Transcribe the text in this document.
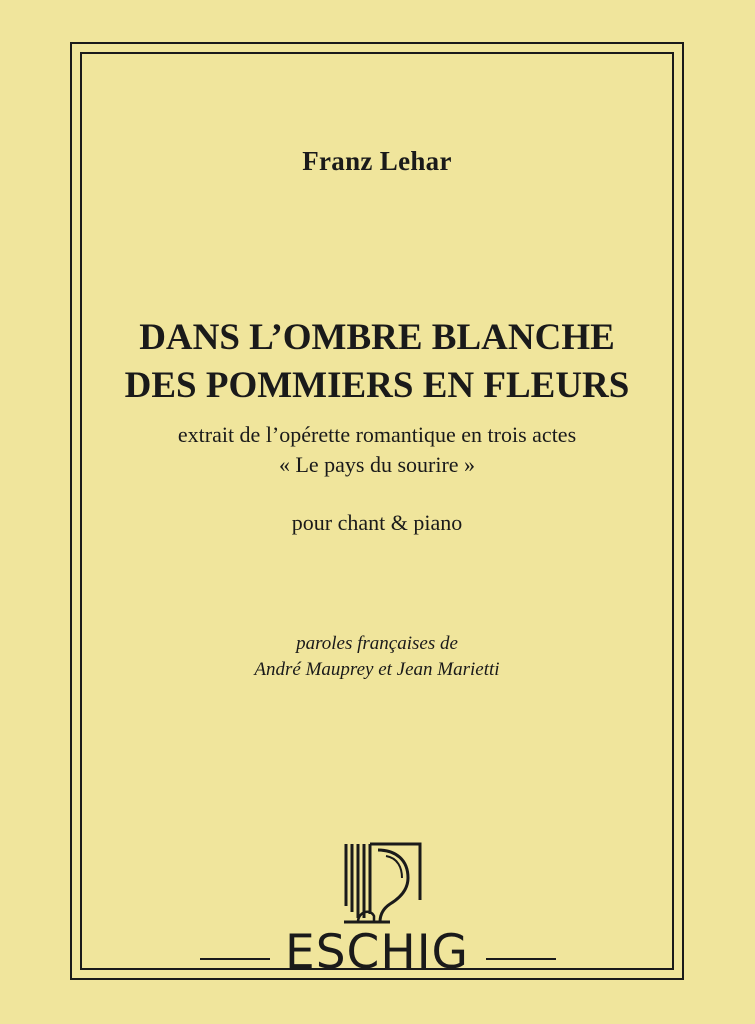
Franz Lehar
DANS L’OMBRE BLANCHE
DES POMMIERS EN FLEURS
extrait de l’opérette romantique en trois actes
« Le pays du sourire »
pour chant & piano
paroles françaises de
André Mauprey et Jean Marietti
ESCHIG
